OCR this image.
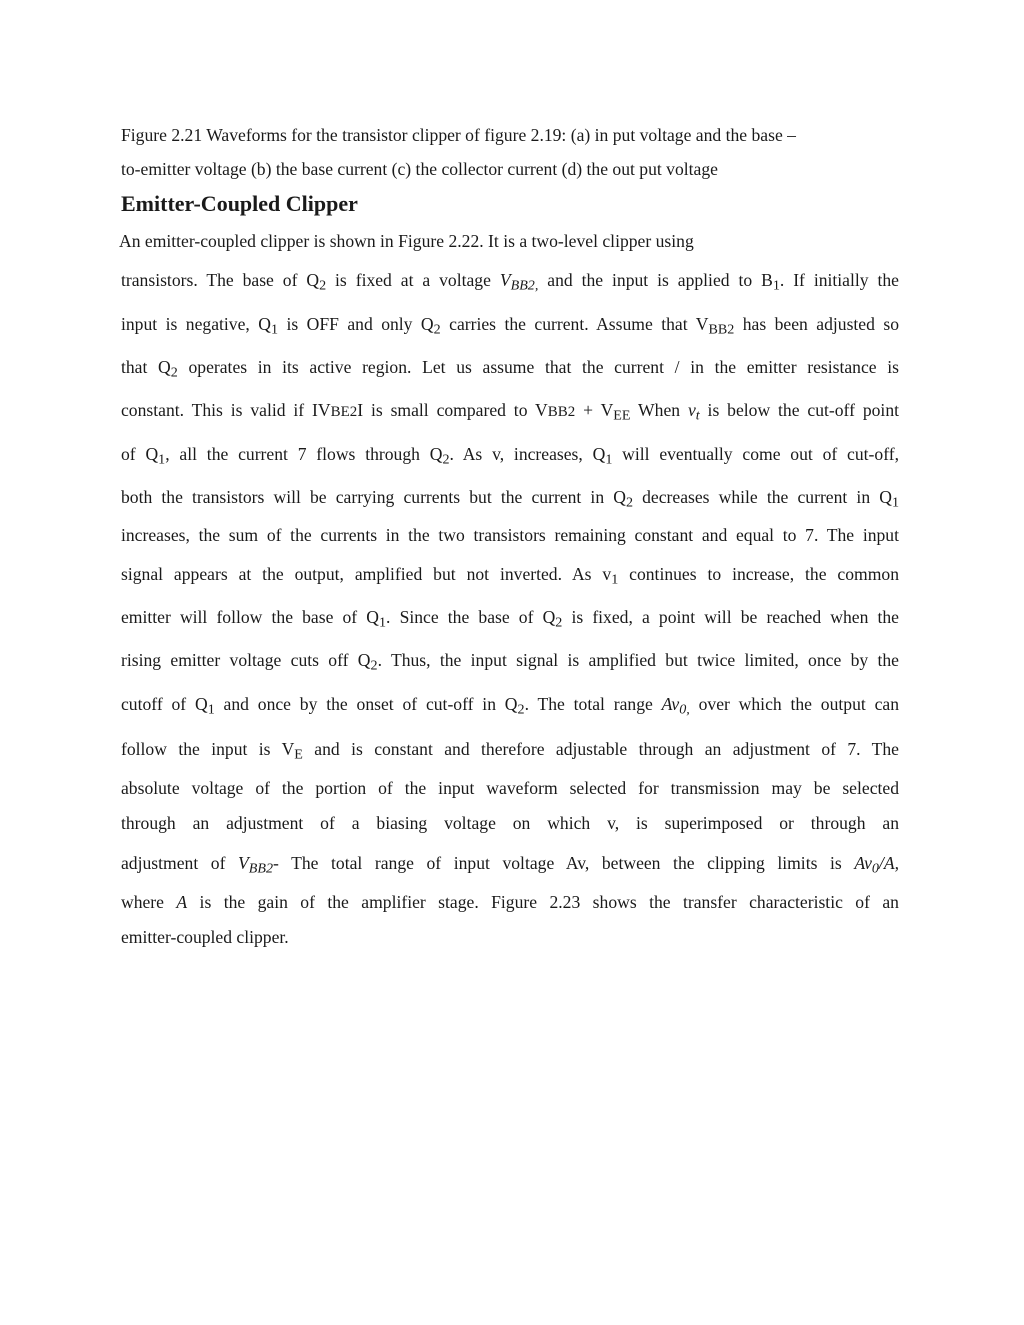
Figure 2.21 Waveforms for the transistor clipper of figure 2.19: (a) in put voltage and the base –
to-emitter voltage (b) the base current (c) the collector current (d) the out put voltage

Emitter-Coupled Clipper

An emitter-coupled clipper is shown in Figure 2.22. It is a two-level clipper using

transistors. The base of $Q_2$ is fixed at a voltage $V_{BB2,}$ and the input is applied to $B_1$. If initially the

input is negative, $Q_1$ is OFF and only $Q_2$ carries the current. Assume that $V_{BB2}$ has been adjusted so

that $Q_2$ operates in its active region. Let us assume that the current / in the emitter resistance is

constant. This is valid if IVBE2I is small compared to $VBB2 + V_{EE}$ When $v_t$ is below the cut-off point

of $Q_1$, all the current 7 flows through $Q_2$. As v, increases, $Q_1$ will eventually come out of cut-off,

both the transistors will be carrying currents but the current in $Q_2$ decreases while the current in $Q_1$

increases, the sum of the currents in the two transistors remaining constant and equal to 7. The input

signal appears at the output, amplified but not inverted. As $v_1$ continues to increase, the common

emitter will follow the base of $Q_1$. Since the base of $Q_2$ is fixed, a point will be reached when the

rising emitter voltage cuts off $Q_2$. Thus, the input signal is amplified but twice limited, once by the

cutoff of $Q_1$ and once by the onset of cut-off in $Q_2$. The total range $Av_{0,}$ over which the output can

follow the input is $V_E$ and is constant and therefore adjustable through an adjustment of 7. The

absolute voltage of the portion of the input waveform selected for transmission may be selected

through an adjustment of a biasing voltage on which v, is superimposed or through an

adjustment of $V_{BB2}-$ The total range of input voltage Av, between the clipping limits is $Av_0/A$,

where A is the gain of the amplifier stage. Figure 2.23 shows the transfer characteristic of an

emitter-coupled clipper.
